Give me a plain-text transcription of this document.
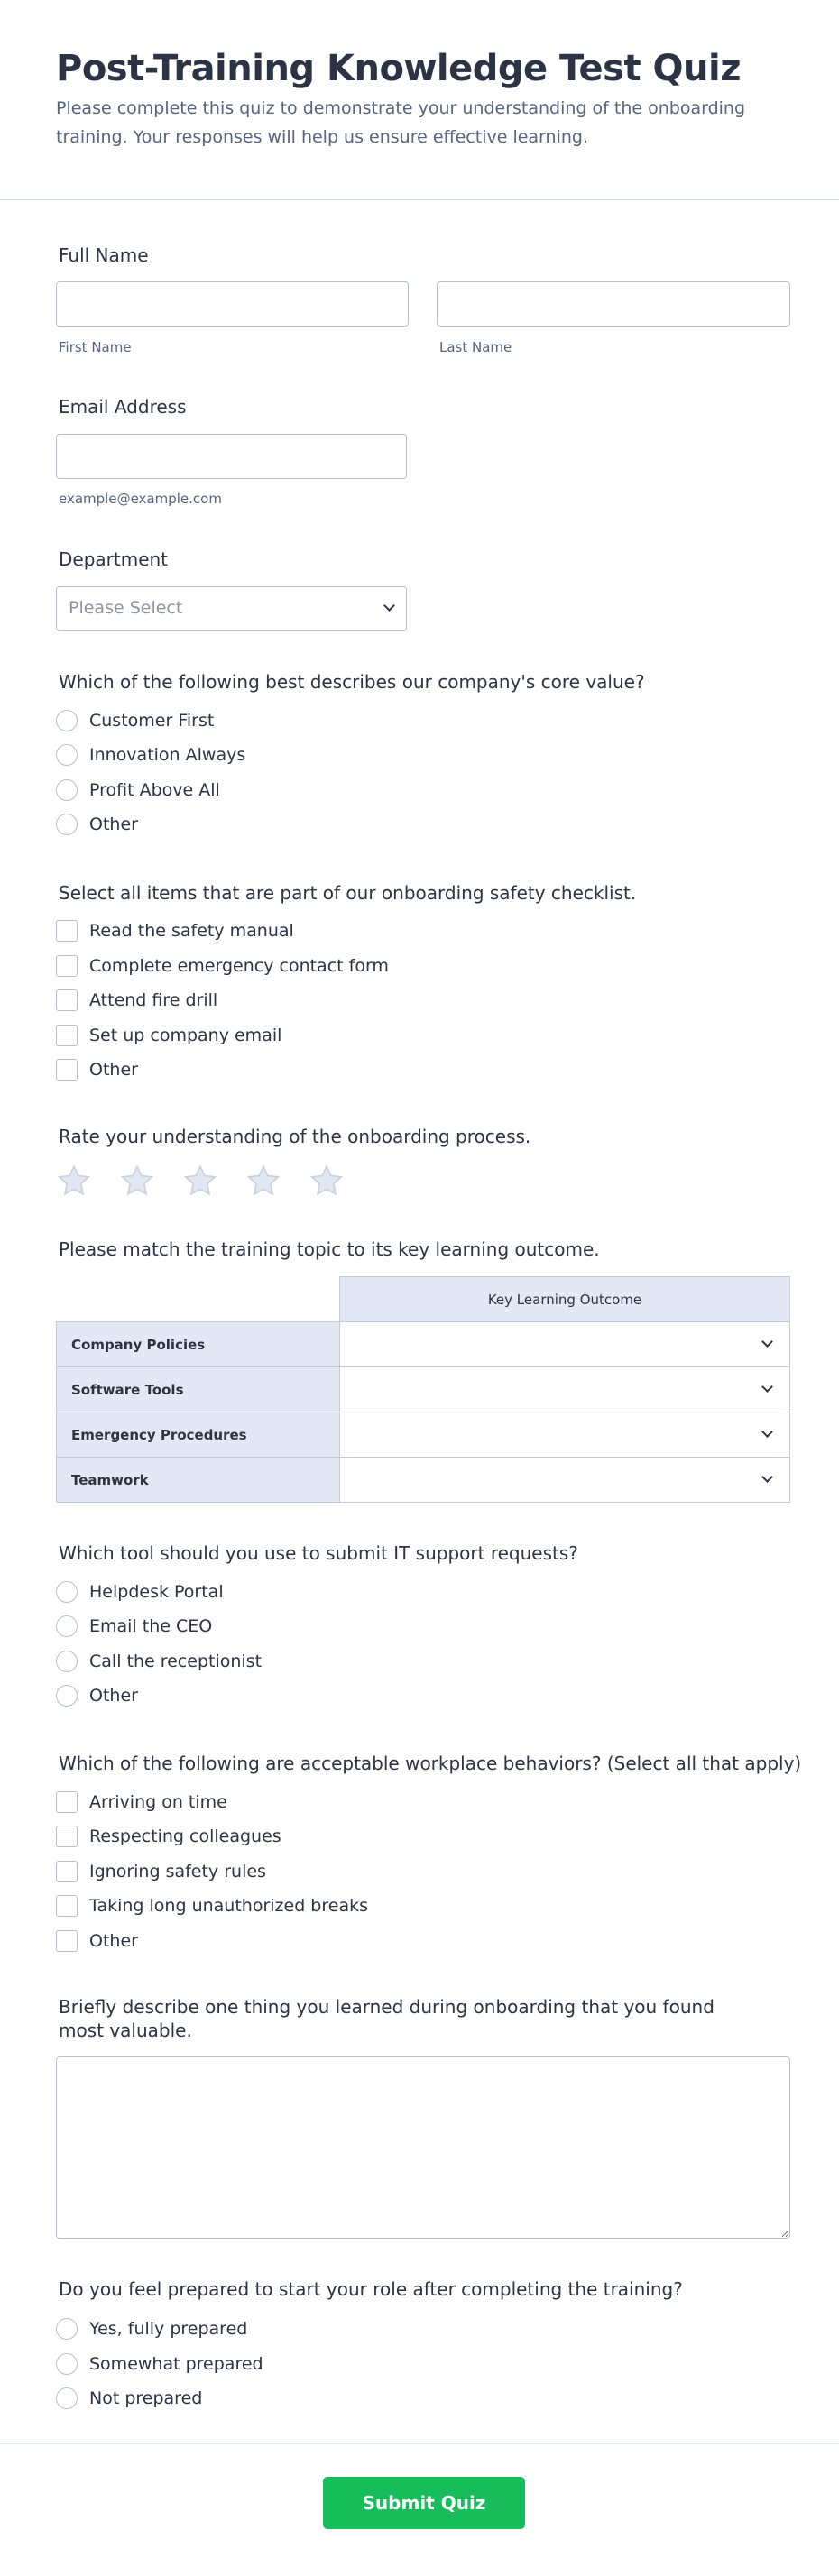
Post-Training Knowledge Test Quiz

Please complete this quiz to demonstrate your understanding of the onboarding training. Your responses will help us ensure effective learning.

Full Name
First Name	Last Name
Email Address
example@example.com
Department
Please Select
Which of the following best describes our company's core value?
Customer First
Innovation Always
Profit Above All
Other
Select all items that are part of our onboarding safety checklist.
Read the safety manual
Complete emergency contact form
Attend fire drill
Set up company email
Other
Rate your understanding of the onboarding process.
Please match the training topic to its key learning outcome.
	Key Learning Outcome
Company Policies	

Software Tools	

Emergency Procedures	

Teamwork	
Which tool should you use to submit IT support requests?
Helpdesk Portal
Email the CEO
Call the receptionist
Other
Which of the following are acceptable workplace behaviors? (Select all that apply)
Arriving on time
Respecting colleagues
Ignoring safety rules
Taking long unauthorized breaks
Other
Briefly describe one thing you learned during onboarding that you found most valuable.
Do you feel prepared to start your role after completing the training?
Yes, fully prepared
Somewhat prepared
Not prepared
Submit Quiz
